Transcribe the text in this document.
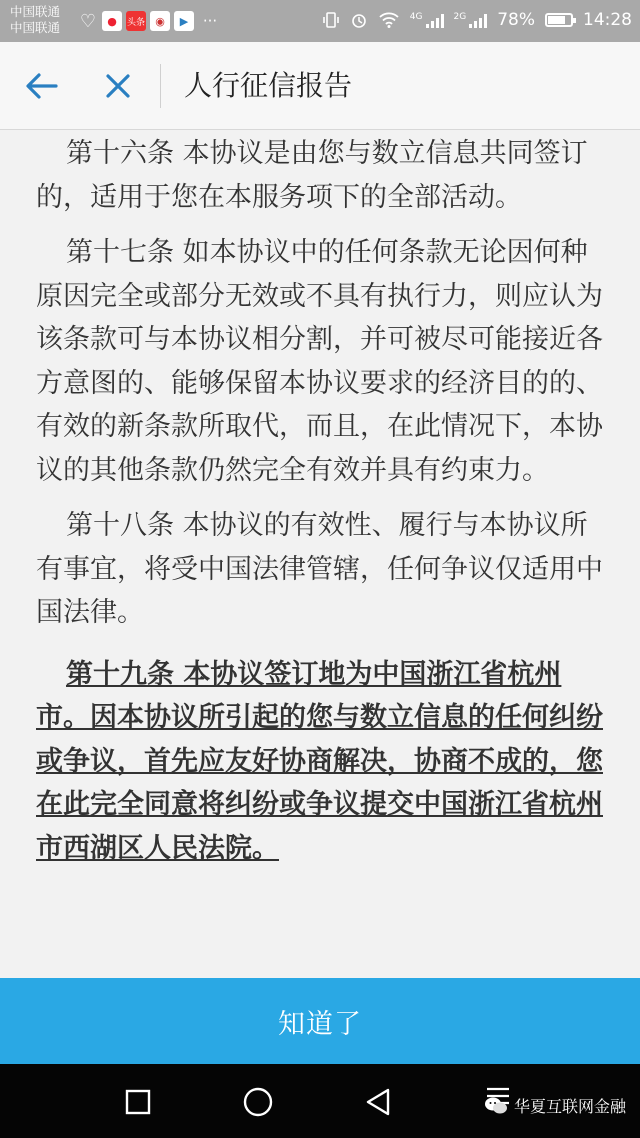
中国联通
中国联通 ♡	●	头条 ◉	▶ ···	4G	2G 78%	14:28
人行征信报告

第十六条 本协议是由您与数立信息共同签订的，适用于您在本服务项下的全部活动。

第十七条 如本协议中的任何条款无论因何种原因完全或部分无效或不具有执行力，则应认为该条款可与本协议相分割，并可被尽可能接近各方意图的、能够保留本协议要求的经济目的的、有效的新条款所取代，而且，在此情况下，本协议的其他条款仍然完全有效并具有约束力。

第十八条 本协议的有效性、履行与本协议所有事宜，将受中国法律管辖，任何争议仅适用中国法律。

第十九条 本协议签订地为中国浙江省杭州市。因本协议所引起的您与数立信息的任何纠纷或争议，首先应友好协商解决，协商不成的，您在此完全同意将纠纷或争议提交中国浙江省杭州市西湖区人民法院。

知道了
华夏互联网金融
